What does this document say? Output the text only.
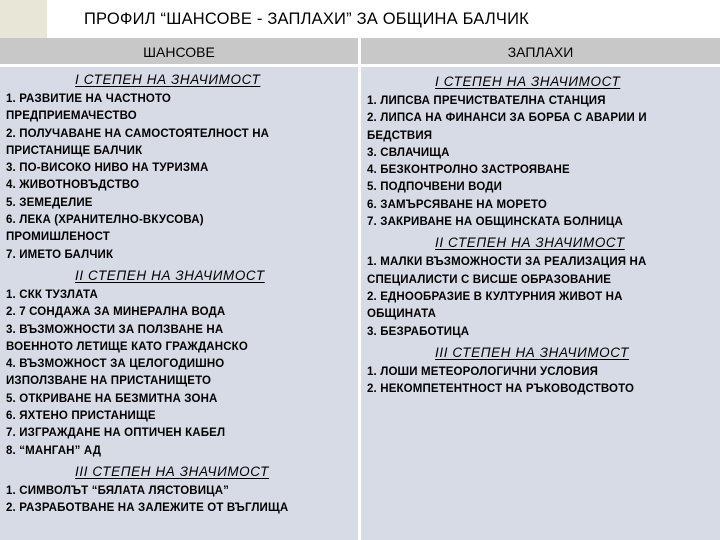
ПРОФИЛ “ШАНСОВЕ - ЗАПЛАХИ” ЗА ОБЩИНА БАЛЧИК
ШАНСОВЕ	ЗАПЛАХИ
I СТЕПЕН НА ЗНАЧИМОСТ
1. РАЗВИТИЕ НА ЧАСТНОТО
ПРЕДПРИЕМАЧЕСТВО
2. ПОЛУЧАВАНЕ НА САМОСТОЯТЕЛНОСТ НА
ПРИСТАНИЩЕ БАЛЧИК
3. ПО-ВИСОКО НИВО НА ТУРИЗМА
4. ЖИВОТНОВЪДСТВО
5. ЗЕМЕДЕЛИЕ
6. ЛЕКА (ХРАНИТЕЛНО-ВКУСОВА)
ПРОМИШЛЕНОСТ
7. ИМЕТО БАЛЧИК
II СТЕПЕН НА ЗНАЧИМОСТ
1. СКК ТУЗЛАТА
2. 7 СОНДАЖА ЗА МИНЕРАЛНА ВОДА
3. ВЪЗМОЖНОСТИ ЗА ПОЛЗВАНЕ НА
ВОЕННОТО ЛЕТИЩЕ КАТО ГРАЖДАНСКО
4. ВЪЗМОЖНОСТ ЗА ЦЕЛОГОДИШНО
ИЗПОЛЗВАНЕ НА ПРИСТАНИЩЕТО
5. ОТКРИВАНЕ НА БЕЗМИТНА ЗОНА
6. ЯХТЕНО ПРИСТАНИЩЕ
7. ИЗГРАЖДАНЕ НА ОПТИЧЕН КАБЕЛ
8. “МАНГАН” АД
III СТЕПЕН НА ЗНАЧИМОСТ
1. СИМВОЛЪТ “БЯЛАТА ЛЯСТОВИЦА”
2. РАЗРАБОТВАНЕ НА ЗАЛЕЖИТЕ ОТ ВЪГЛИЩА
I СТЕПЕН НА ЗНАЧИМОСТ
1. ЛИПСВА ПРЕЧИСТВАТЕЛНА СТАНЦИЯ
2. ЛИПСА НА ФИНАНСИ ЗА БОРБА С АВАРИИ И
БЕДСТВИЯ
3. СВЛАЧИЩА
4. БЕЗКОНТРОЛНО ЗАСТРОЯВАНЕ
5. ПОДПОЧВЕНИ ВОДИ
6. ЗАМЪРСЯВАНЕ НА МОРЕТО
7. ЗАКРИВАНЕ НА ОБЩИНСКАТА БОЛНИЦА
II СТЕПЕН НА ЗНАЧИМОСТ
1. МАЛКИ ВЪЗМОЖНОСТИ ЗА РЕАЛИЗАЦИЯ НА
СПЕЦИАЛИСТИ С ВИСШЕ ОБРАЗОВАНИЕ
2. ЕДНООБРАЗИЕ В КУЛТУРНИЯ ЖИВОТ НА
ОБЩИНАТА
3. БЕЗРАБОТИЦА
III СТЕПЕН НА ЗНАЧИМОСТ
1. ЛОШИ МЕТЕОРОЛОГИЧНИ УСЛОВИЯ
2. НЕКОМПЕТЕНТНОСТ НА РЪКОВОДСТВОТО
